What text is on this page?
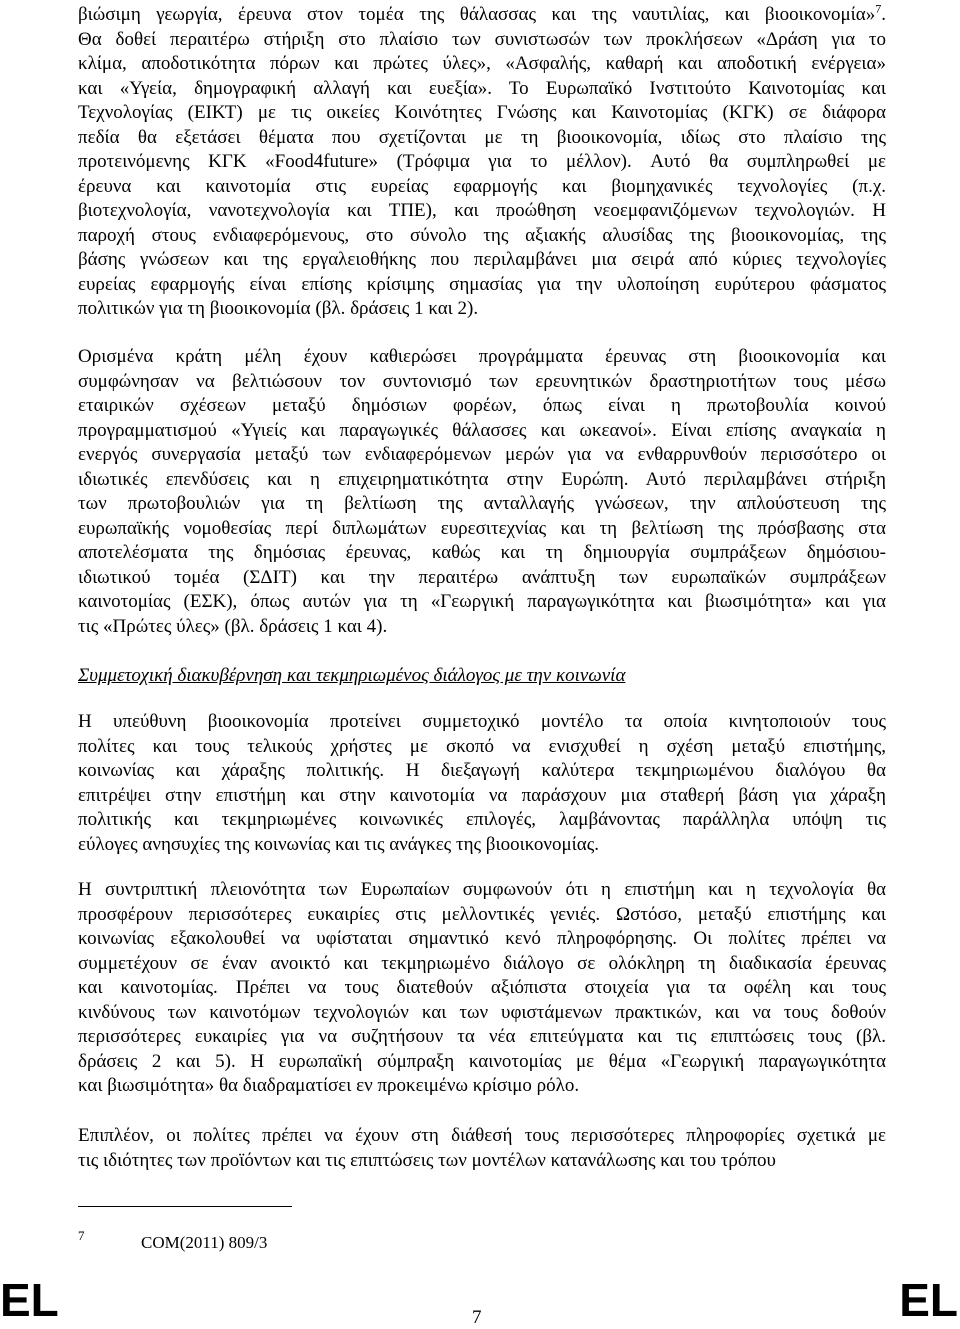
βιώσιμη γεωργία, έρευνα στον τομέα της θάλασσας και της ναυτιλίας, και βιοοικονομία»$^7$.
Θα δοθεί περαιτέρω στήριξη στο πλαίσιο των συνιστωσών των προκλήσεων «Δράση για το
κλίμα, αποδοτικότητα πόρων και πρώτες ύλες», «Ασφαλής, καθαρή και αποδοτική ενέργεια»
και «Υγεία, δημογραφική αλλαγή και ευεξία». Το Ευρωπαϊκό Ινστιτούτο Καινοτομίας και
Τεχνολογίας (ΕΙΚΤ) με τις οικείες Κοινότητες Γνώσης και Καινοτομίας (ΚΓΚ) σε διάφορα
πεδία θα εξετάσει θέματα που σχετίζονται με τη βιοοικονομία, ιδίως στο πλαίσιο της
προτεινόμενης ΚΓΚ «Food4future» (Τρόφιμα για το μέλλον). Αυτό θα συμπληρωθεί με
έρευνα και καινοτομία στις ευρείας εφαρμογής και βιομηχανικές τεχνολογίες (π.χ.
βιοτεχνολογία, νανοτεχνολογία και ΤΠΕ), και προώθηση νεοεμφανιζόμενων τεχνολογιών. Η
παροχή στους ενδιαφερόμενους, στο σύνολο της αξιακής αλυσίδας της βιοοικονομίας, της
βάσης γνώσεων και της εργαλειοθήκης που περιλαμβάνει μια σειρά από κύριες τεχνολογίες
ευρείας εφαρμογής είναι επίσης κρίσιμης σημασίας για την υλοποίηση ευρύτερου φάσματος
πολιτικών για τη βιοοικονομία (βλ. δράσεις 1 και 2).
Ορισμένα κράτη μέλη έχουν καθιερώσει προγράμματα έρευνας στη βιοοικονομία και
συμφώνησαν να βελτιώσουν τον συντονισμό των ερευνητικών δραστηριοτήτων τους μέσω
εταιρικών σχέσεων μεταξύ δημόσιων φορέων, όπως είναι η πρωτοβουλία κοινού
προγραμματισμού «Υγιείς και παραγωγικές θάλασσες και ωκεανοί». Είναι επίσης αναγκαία η
ενεργός συνεργασία μεταξύ των ενδιαφερόμενων μερών για να ενθαρρυνθούν περισσότερο οι
ιδιωτικές επενδύσεις και η επιχειρηματικότητα στην Ευρώπη. Αυτό περιλαμβάνει στήριξη
των πρωτοβουλιών για τη βελτίωση της ανταλλαγής γνώσεων, την απλούστευση της
ευρωπαϊκής νομοθεσίας περί διπλωμάτων ευρεσιτεχνίας και τη βελτίωση της πρόσβασης στα
αποτελέσματα της δημόσιας έρευνας, καθώς και τη δημιουργία συμπράξεων δημόσιου-
ιδιωτικού τομέα (ΣΔΙΤ) και την περαιτέρω ανάπτυξη των ευρωπαϊκών συμπράξεων
καινοτομίας (ΕΣΚ), όπως αυτών για τη «Γεωργική παραγωγικότητα και βιωσιμότητα» και για
τις «Πρώτες ύλες» (βλ. δράσεις 1 και 4).
Συμμετοχική διακυβέρνηση και τεκμηριωμένος διάλογος με την κοινωνία
Η υπεύθυνη βιοοικονομία προτείνει συμμετοχικό μοντέλο τα οποία κινητοποιούν τους
πολίτες και τους τελικούς χρήστες με σκοπό να ενισχυθεί η σχέση μεταξύ επιστήμης,
κοινωνίας και χάραξης πολιτικής. Η διεξαγωγή καλύτερα τεκμηριωμένου διαλόγου θα
επιτρέψει στην επιστήμη και στην καινοτομία να παράσχουν μια σταθερή βάση για χάραξη
πολιτικής και τεκμηριωμένες κοινωνικές επιλογές, λαμβάνοντας παράλληλα υπόψη τις
εύλογες ανησυχίες της κοινωνίας και τις ανάγκες της βιοοικονομίας.
Η συντριπτική πλειονότητα των Ευρωπαίων συμφωνούν ότι η επιστήμη και η τεχνολογία θα
προσφέρουν περισσότερες ευκαιρίες στις μελλοντικές γενιές. Ωστόσο, μεταξύ επιστήμης και
κοινωνίας εξακολουθεί να υφίσταται σημαντικό κενό πληροφόρησης. Οι πολίτες πρέπει να
συμμετέχουν σε έναν ανοικτό και τεκμηριωμένο διάλογο σε ολόκληρη τη διαδικασία έρευνας
και καινοτομίας. Πρέπει να τους διατεθούν αξιόπιστα στοιχεία για τα οφέλη και τους
κινδύνους των καινοτόμων τεχνολογιών και των υφιστάμενων πρακτικών, και να τους δοθούν
περισσότερες ευκαιρίες για να συζητήσουν τα νέα επιτεύγματα και τις επιπτώσεις τους (βλ.
δράσεις 2 και 5). Η ευρωπαϊκή σύμπραξη καινοτομίας με θέμα «Γεωργική παραγωγικότητα
και βιωσιμότητα» θα διαδραματίσει εν προκειμένω κρίσιμο ρόλο.
Επιπλέον, οι πολίτες πρέπει να έχουν στη διάθεσή τους περισσότερες πληροφορίες σχετικά με
τις ιδιότητες των προϊόντων και τις επιπτώσεις των μοντέλων κατανάλωσης και του τρόπου
7	COM(2011) 809/3
EL	7	EL
